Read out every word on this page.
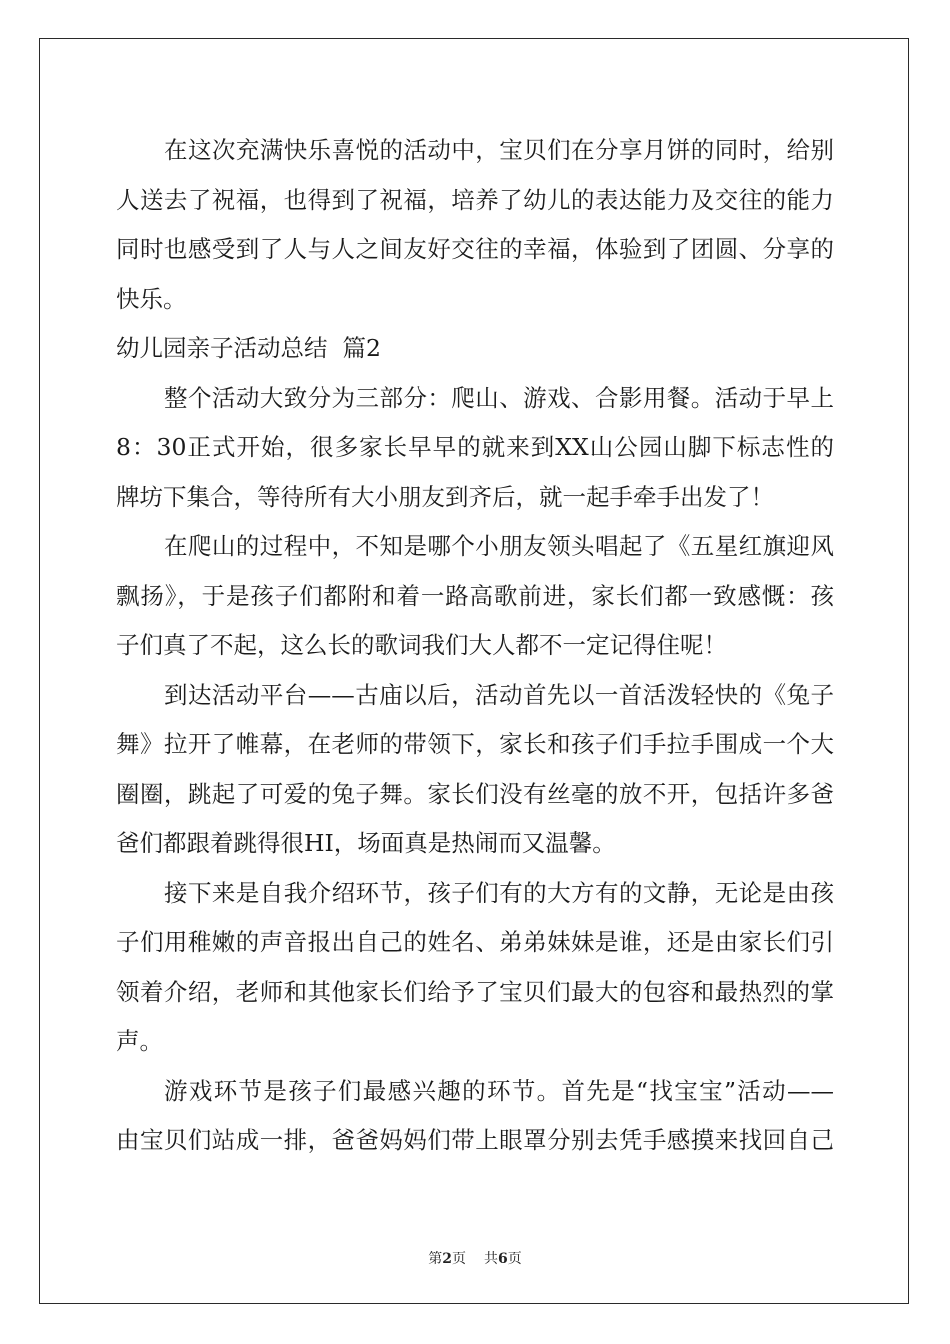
在这次充满快乐喜悦的活动中，宝贝们在分享月饼的同时，给别
人送去了祝福，也得到了祝福，培养了幼儿的表达能力及交往的能力
同时也感受到了人与人之间友好交往的幸福，体验到了团圆、分享的
快乐。
幼儿园亲子活动总结  篇2
整个活动大致分为三部分：爬山、游戏、合影用餐。活动于早上
8：30正式开始，很多家长早早的就来到XX山公园山脚下标志性的
牌坊下集合，等待所有大小朋友到齐后，就一起手牵手出发了！
在爬山的过程中，不知是哪个小朋友领头唱起了《五星红旗迎风
飘扬》，于是孩子们都附和着一路高歌前进，家长们都一致感慨：孩
子们真了不起，这么长的歌词我们大人都不一定记得住呢！
到达活动平台——古庙以后，活动首先以一首活泼轻快的《兔子
舞》拉开了帷幕，在老师的带领下，家长和孩子们手拉手围成一个大
圈圈，跳起了可爱的兔子舞。家长们没有丝毫的放不开，包括许多爸
爸们都跟着跳得很HI，场面真是热闹而又温馨。
接下来是自我介绍环节，孩子们有的大方有的文静，无论是由孩
子们用稚嫩的声音报出自己的姓名、弟弟妹妹是谁，还是由家长们引
领着介绍，老师和其他家长们给予了宝贝们最大的包容和最热烈的掌
声。
游戏环节是孩子们最感兴趣的环节。首先是“找宝宝”活动——
由宝贝们站成一排，爸爸妈妈们带上眼罩分别去凭手感摸来找回自己
第2页 共6页
